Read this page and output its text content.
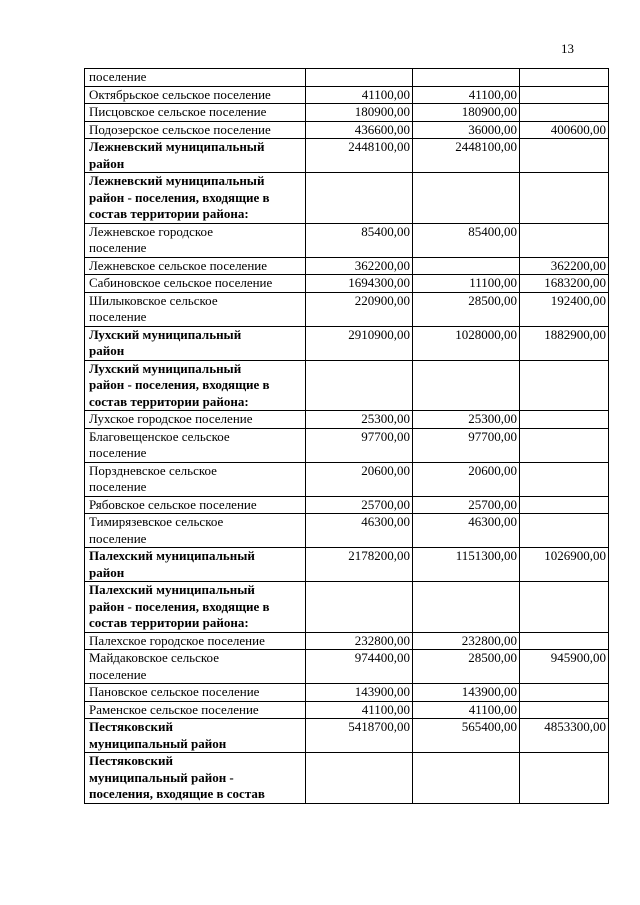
13
поселение			

Октябрьское сельское поселение	41100,00	41100,00	

Писцовское сельское поселение	180900,00	180900,00	

Подозерское сельское поселение	436600,00	36000,00	400600,00

Лежневский муниципальный
район	2448100,00	2448100,00	

Лежневский муниципальный
район - поселения, входящие в
состав территории района:			

Лежневское городское
поселение	85400,00	85400,00	

Лежневское сельское поселение	362200,00		362200,00

Сабиновское сельское поселение	1694300,00	11100,00	1683200,00

Шилыковское сельское
поселение	220900,00	28500,00	192400,00

Лухский муниципальный
район	2910900,00	1028000,00	1882900,00

Лухский муниципальный
район - поселения, входящие в
состав территории района:			

Лухское городское поселение	25300,00	25300,00	

Благовещенское сельское
поселение	97700,00	97700,00	

Порздневское сельское
поселение	20600,00	20600,00	

Рябовское сельское поселение	25700,00	25700,00	

Тимирязевское сельское
поселение	46300,00	46300,00	

Палехский муниципальный
район	2178200,00	1151300,00	1026900,00

Палехский муниципальный
район - поселения, входящие в
состав территории района:

Палехское городское поселение	232800,00	232800,00	

Майдаковское сельское
поселение	974400,00	28500,00	945900,00

Пановское сельское поселение	143900,00	143900,00	

Раменское сельское поселение	41100,00	41100,00	

Пестяковский
муниципальный район	5418700,00	565400,00	4853300,00

Пестяковский
муниципальный район -
поселения, входящие в состав			
